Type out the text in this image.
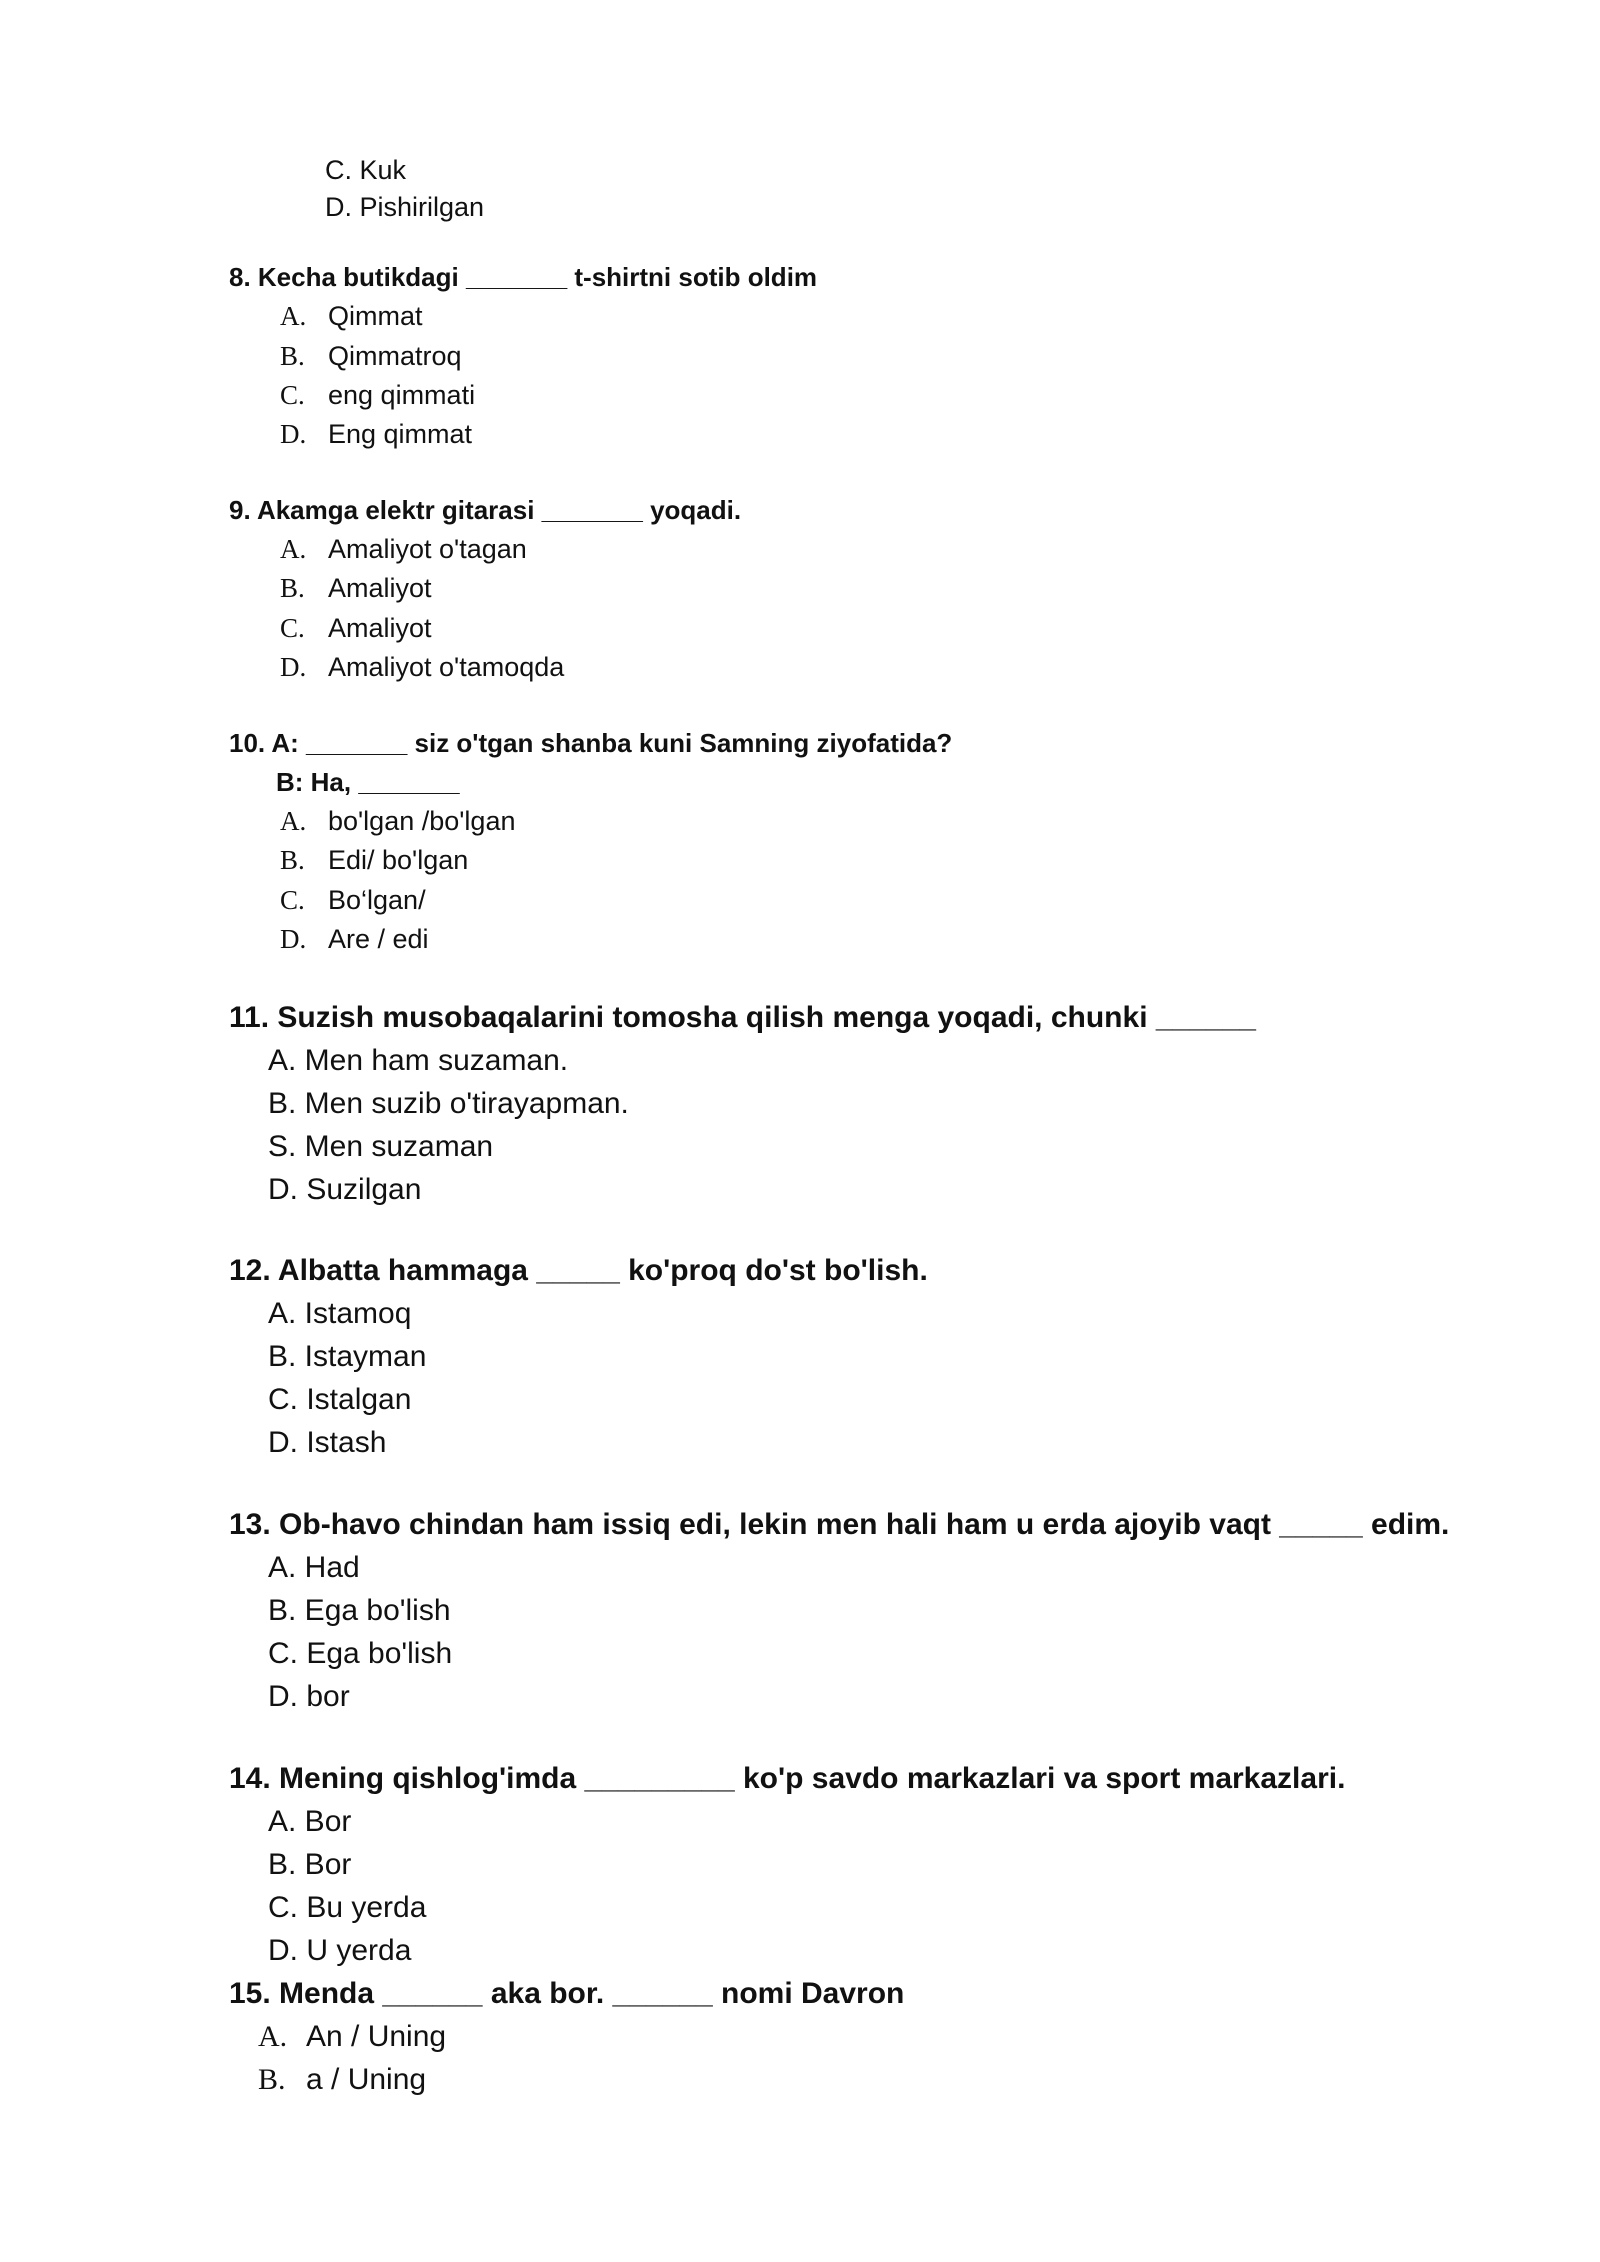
C. Kuk
D. Pishirilgan
8. Kecha butikdagi _______ t-shirtni sotib oldim
A. Qimmat
B. Qimmatroq
C. eng qimmati
D. Eng qimmat
9. Akamga elektr gitarasi _______ yoqadi.
A. Amaliyot o'tagan
B. Amaliyot
C. Amaliyot
D. Amaliyot o'tamoqda
10. A: _______ siz o'tgan shanba kuni Samning ziyofatida?
B: Ha, _______
A. bo'lgan /bo'lgan
B. Edi/ bo'lgan
C. Bo‘lgan/
D. Are / edi
11. Suzish musobaqalarini tomosha qilish menga yoqadi, chunki ______
A. Men ham suzaman.
B. Men suzib o'tirayapman.
S. Men suzaman
D. Suzilgan
12. Albatta hammaga _____ ko'proq do'st bo'lish.
A. Istamoq
B. Istayman
C. Istalgan
D. Istash
13. Ob-havo chindan ham issiq edi, lekin men hali ham u erda ajoyib vaqt _____ edim.
A. Had
B. Ega bo'lish
C. Ega bo'lish
D. bor
14. Mening qishlog'imda _________ ko'p savdo markazlari va sport markazlari.
A. Bor
B. Bor
C. Bu yerda
D. U yerda
15. Menda ______ aka bor. ______ nomi Davron
A. An / Uning
B. a / Uning
